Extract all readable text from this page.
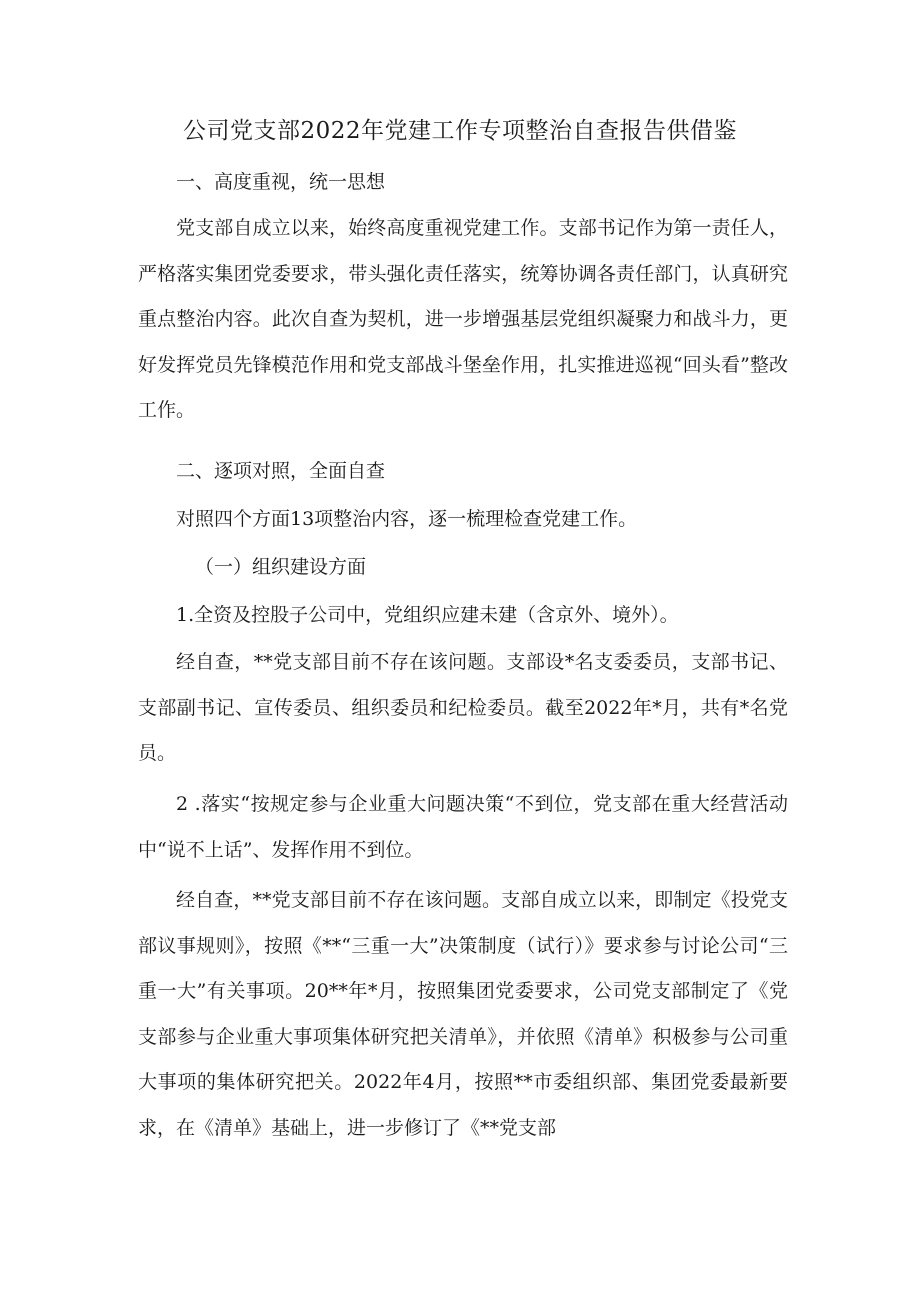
公司党支部2022年党建工作专项整治自查报告供借鉴
一、高度重视，统一思想
党支部自成立以来，始终高度重视党建工作。支部书记作为第一责任人，严格落实集团党委要求，带头强化责任落实，统筹协调各责任部门，认真研究重点整治内容。此次自查为契机，进一步增强基层党组织凝聚力和战斗力，更好发挥党员先锋模范作用和党支部战斗堡垒作用，扎实推进巡视“回头看”整改工作。
二、逐项对照，全面自查
对照四个方面13项整治内容，逐一梳理检查党建工作。
（一）组织建设方面
1.全资及控股子公司中，党组织应建未建（含京外、境外）。
经自查，**党支部目前不存在该问题。支部设*名支委委员，支部书记、支部副书记、宣传委员、组织委员和纪检委员。截至2022年*月，共有*名党员。
2 .落实“按规定参与企业重大问题决策“不到位，党支部在重大经营活动中“说不上话”、发挥作用不到位。
经自查，**党支部目前不存在该问题。支部自成立以来，即制定《投党支部议事规则》，按照《**“三重一大”决策制度（试行）》要求参与讨论公司“三重一大”有关事项。20**年*月，按照集团党委要求，公司党支部制定了《党支部参与企业重大事项集体研究把关清单》，并依照《清单》积极参与公司重大事项的集体研究把关。2022年4月，按照**市委组织部、集团党委最新要求，在《清单》基础上，进一步修订了《**党支部
